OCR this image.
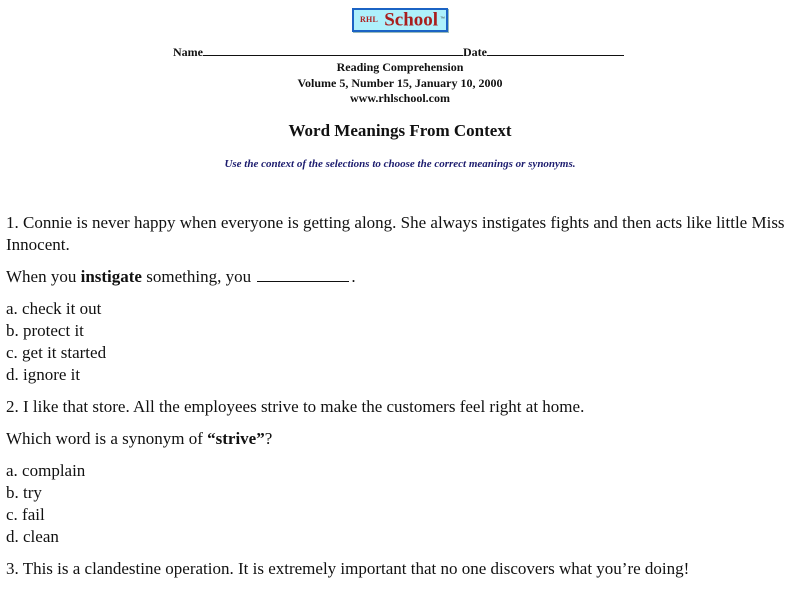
RHL School ™
Name	Date
Reading Comprehension
Volume 5, Number 15, January 10, 2000
www.rhlschool.com
Word Meanings From Context
Use the context of the selections to choose the correct meanings or synonyms.

1. Connie is never happy when everyone is getting along. She always instigates fights and then acts like little Miss Innocent.

When you instigate something, you	.

a. check it out
b. protect it
c. get it started
d. ignore it

2. I like that store. All the employees strive to make the customers feel right at home.

Which word is a synonym of “strive”?

a. complain
b. try
c. fail
d. clean

3. This is a clandestine operation. It is extremely important that no one discovers what you’re doing!
